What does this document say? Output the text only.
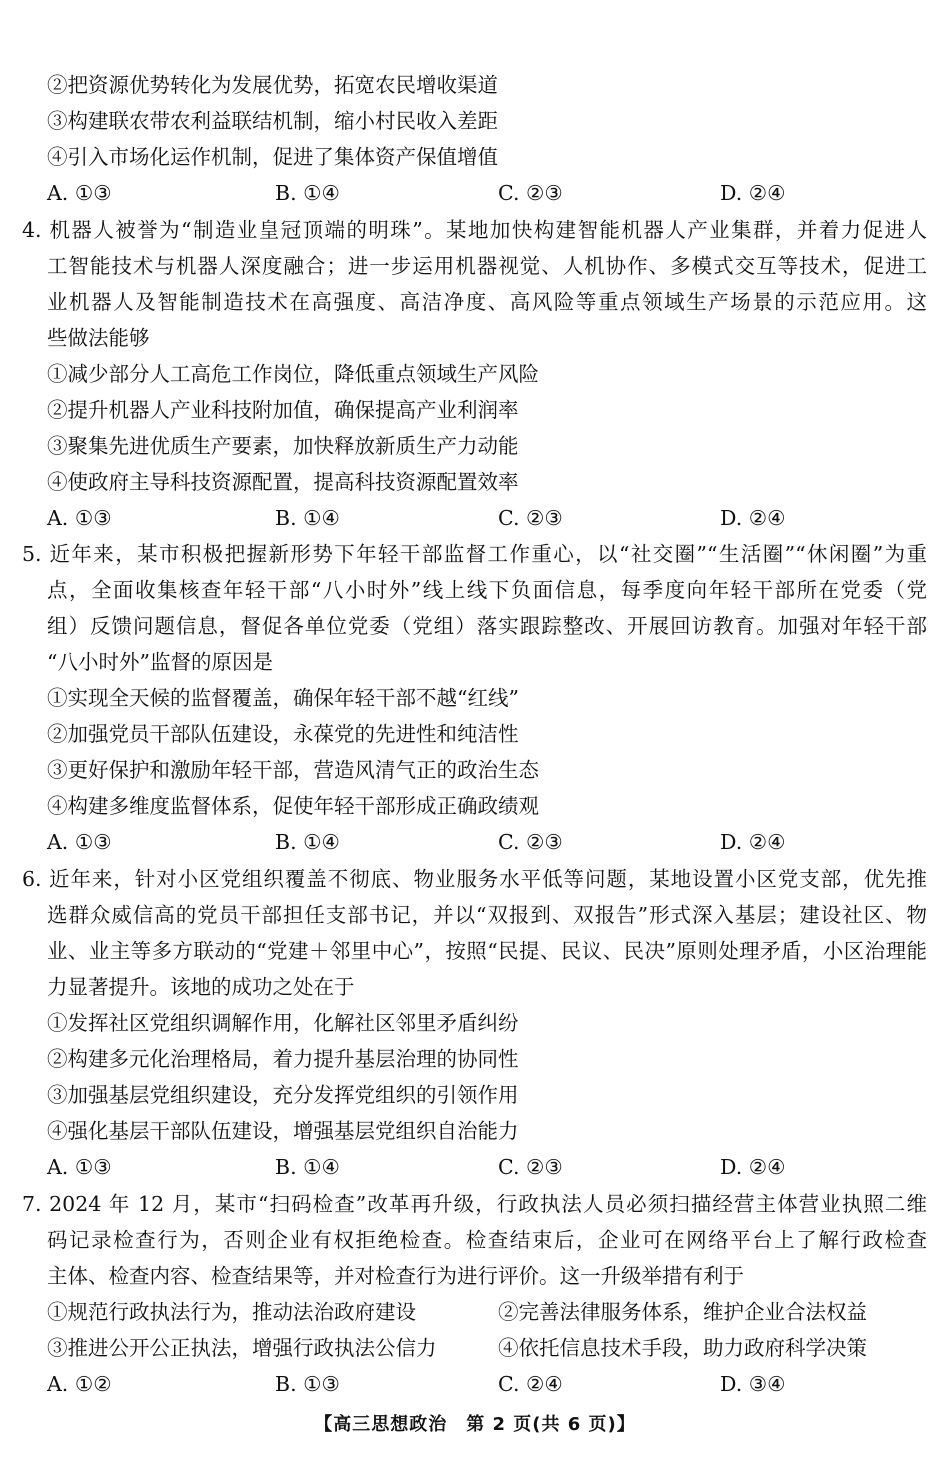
②把资源优势转化为发展优势，拓宽农民增收渠道
③构建联农带农利益联结机制，缩小村民收入差距
④引入市场化运作机制，促进了集体资产保值增值
A. ①③	B. ①④	C. ②③	D. ②④
4. 机器人被誉为“制造业皇冠顶端的明珠”。某地加快构建智能机器人产业集群，并着力促进人
工智能技术与机器人深度融合；进一步运用机器视觉、人机协作、多模式交互等技术，促进工
业机器人及智能制造技术在高强度、高洁净度、高风险等重点领域生产场景的示范应用。这
些做法能够
①减少部分人工高危工作岗位，降低重点领域生产风险
②提升机器人产业科技附加值，确保提高产业利润率
③聚集先进优质生产要素，加快释放新质生产力动能
④使政府主导科技资源配置，提高科技资源配置效率
A. ①③	B. ①④	C. ②③	D. ②④
5. 近年来，某市积极把握新形势下年轻干部监督工作重心，以“社交圈”“生活圈”“休闲圈”为重
点，全面收集核查年轻干部“八小时外”线上线下负面信息，每季度向年轻干部所在党委（党
组）反馈问题信息，督促各单位党委（党组）落实跟踪整改、开展回访教育。加强对年轻干部
“八小时外”监督的原因是
①实现全天候的监督覆盖，确保年轻干部不越“红线”
②加强党员干部队伍建设，永葆党的先进性和纯洁性
③更好保护和激励年轻干部，营造风清气正的政治生态
④构建多维度监督体系，促使年轻干部形成正确政绩观
A. ①③	B. ①④	C. ②③	D. ②④
6. 近年来，针对小区党组织覆盖不彻底、物业服务水平低等问题，某地设置小区党支部，优先推
选群众威信高的党员干部担任支部书记，并以“双报到、双报告”形式深入基层；建设社区、物
业、业主等多方联动的“党建＋邻里中心”，按照“民提、民议、民决”原则处理矛盾，小区治理能
力显著提升。该地的成功之处在于
①发挥社区党组织调解作用，化解社区邻里矛盾纠纷
②构建多元化治理格局，着力提升基层治理的协同性
③加强基层党组织建设，充分发挥党组织的引领作用
④强化基层干部队伍建设，增强基层党组织自治能力
A. ①③	B. ①④	C. ②③	D. ②④
7. 2024 年 12 月，某市“扫码检查”改革再升级，行政执法人员必须扫描经营主体营业执照二维
码记录检查行为，否则企业有权拒绝检查。检查结束后，企业可在网络平台上了解行政检查
主体、检查内容、检查结果等，并对检查行为进行评价。这一升级举措有利于
①规范行政执法行为，推动法治政府建设	②完善法律服务体系，维护企业合法权益
③推进公开公正执法，增强行政执法公信力	④依托信息技术手段，助力政府科学决策
A. ①②	B. ①③	C. ②④	D. ③④
【高三思想政治　第 2 页(共 6 页)】
